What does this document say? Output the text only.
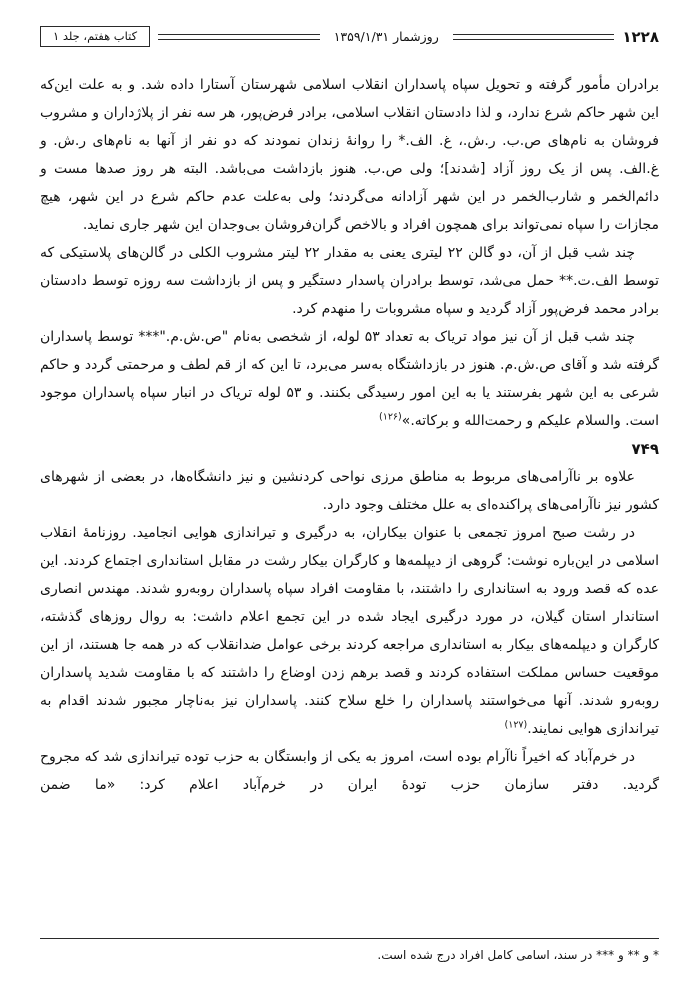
۱۲۲۸
روزشمار ۱۳۵۹/۱/۳۱
کتاب هفتم، جلد ۱

برادران مأمور گرفته و تحویل سپاه پاسداران انقلاب اسلامی شهرستان آستارا داده شد. و به علت این‌که این شهر حاکم شرع ندارد، و لذا دادستان انقلاب اسلامی، برادر فرض‌پور، هر سه نفر از پلاژداران و مشروب فروشان به نام‌های ص.ب. ر.ش.، غ. الف.* را روانهٔ زندان نمودند که دو نفر از آنها به نام‌های ر.ش. و غ.الف. پس از یک روز آزاد [شدند]؛ ولی ص.ب. هنوز بازداشت می‌باشد. البته هر روز صدها مست و دائم‌الخمر و شارب‌الخمر در این شهر آزادانه می‌گردند؛ ولی به‌علت عدم حاکم شرع در این شهر، هیچ مجازات را سپاه نمی‌تواند برای همچون افراد و بالاخص گران‌فروشان بی‌وجدان این شهر جاری نماید.

چند شب قبل از آن، دو گالن ۲۲ لیتری یعنی به مقدار ۲۲ لیتر مشروب الکلی در گالن‌های پلاستیکی که توسط الف.ت.** حمل می‌شد، توسط برادران پاسدار دستگیر و پس از بازداشت سه روزه توسط دادستان برادر محمد فرض‌پور آزاد گردید و سپاه مشروبات را منهدم کرد.

چند شب قبل از آن نیز مواد تریاک به تعداد ۵۳ لوله، از شخصی به‌نام "ص.ش.م."*** توسط پاسداران گرفته شد و آقای ص.ش.م. هنوز در بازداشتگاه به‌سر می‌برد، تا این که از قم لطف و مرحمتی گردد و حاکم شرعی به این شهر بفرستند یا به این امور رسیدگی بکنند. و ۵۳ لوله تریاک در انبار سپاه پاسداران موجود است. والسلام علیکم و رحمت‌الله و برکاته.»$^{(۱۲۶)}$

۷۴۹

علاوه بر ناآرامی‌های مربوط به مناطق مرزی نواحی کردنشین و نیز دانشگاه‌ها، در بعضی از شهرهای کشور نیز ناآرامی‌های پراکنده‌ای به علل مختلف وجود دارد.

در رشت صبح امروز تجمعی با عنوان بیکاران، به درگیری و تیراندازی هوایی انجامید. روزنامهٔ انقلاب اسلامی در این‌باره نوشت: گروهی از دیپلمه‌ها و کارگران بیکار رشت در مقابل استانداری اجتماع کردند. این عده که قصد ورود به استانداری را داشتند، با مقاومت افراد سپاه پاسداران روبه‌رو شدند. مهندس انصاری استاندار استان گیلان، در مورد درگیری ایجاد شده در این تجمع اعلام داشت: به روال روزهای گذشته، کارگران و دیپلمه‌های بیکار به استانداری مراجعه کردند برخی عوامل ضدانقلاب که در همه جا هستند، از این موقعیت حساس مملکت استفاده کردند و قصد برهم زدن اوضاع را داشتند که با مقاومت شدید پاسداران روبه‌رو شدند. آنها می‌خواستند پاسداران را خلع سلاح کنند. پاسداران نیز به‌ناچار مجبور شدند اقدام به تیراندازی هوایی نمایند.$^{(۱۲۷)}$

در خرم‌آباد که اخیراً ناآرام بوده است، امروز به یکی از وابستگان به حزب توده تیراندازی شد که مجروح گردید. دفتر سازمان حزب تودهٔ ایران در خرم‌آباد اعلام کرد: «ما ضمن

* و ** و *** در سند، اسامی کامل افراد درج شده است.
